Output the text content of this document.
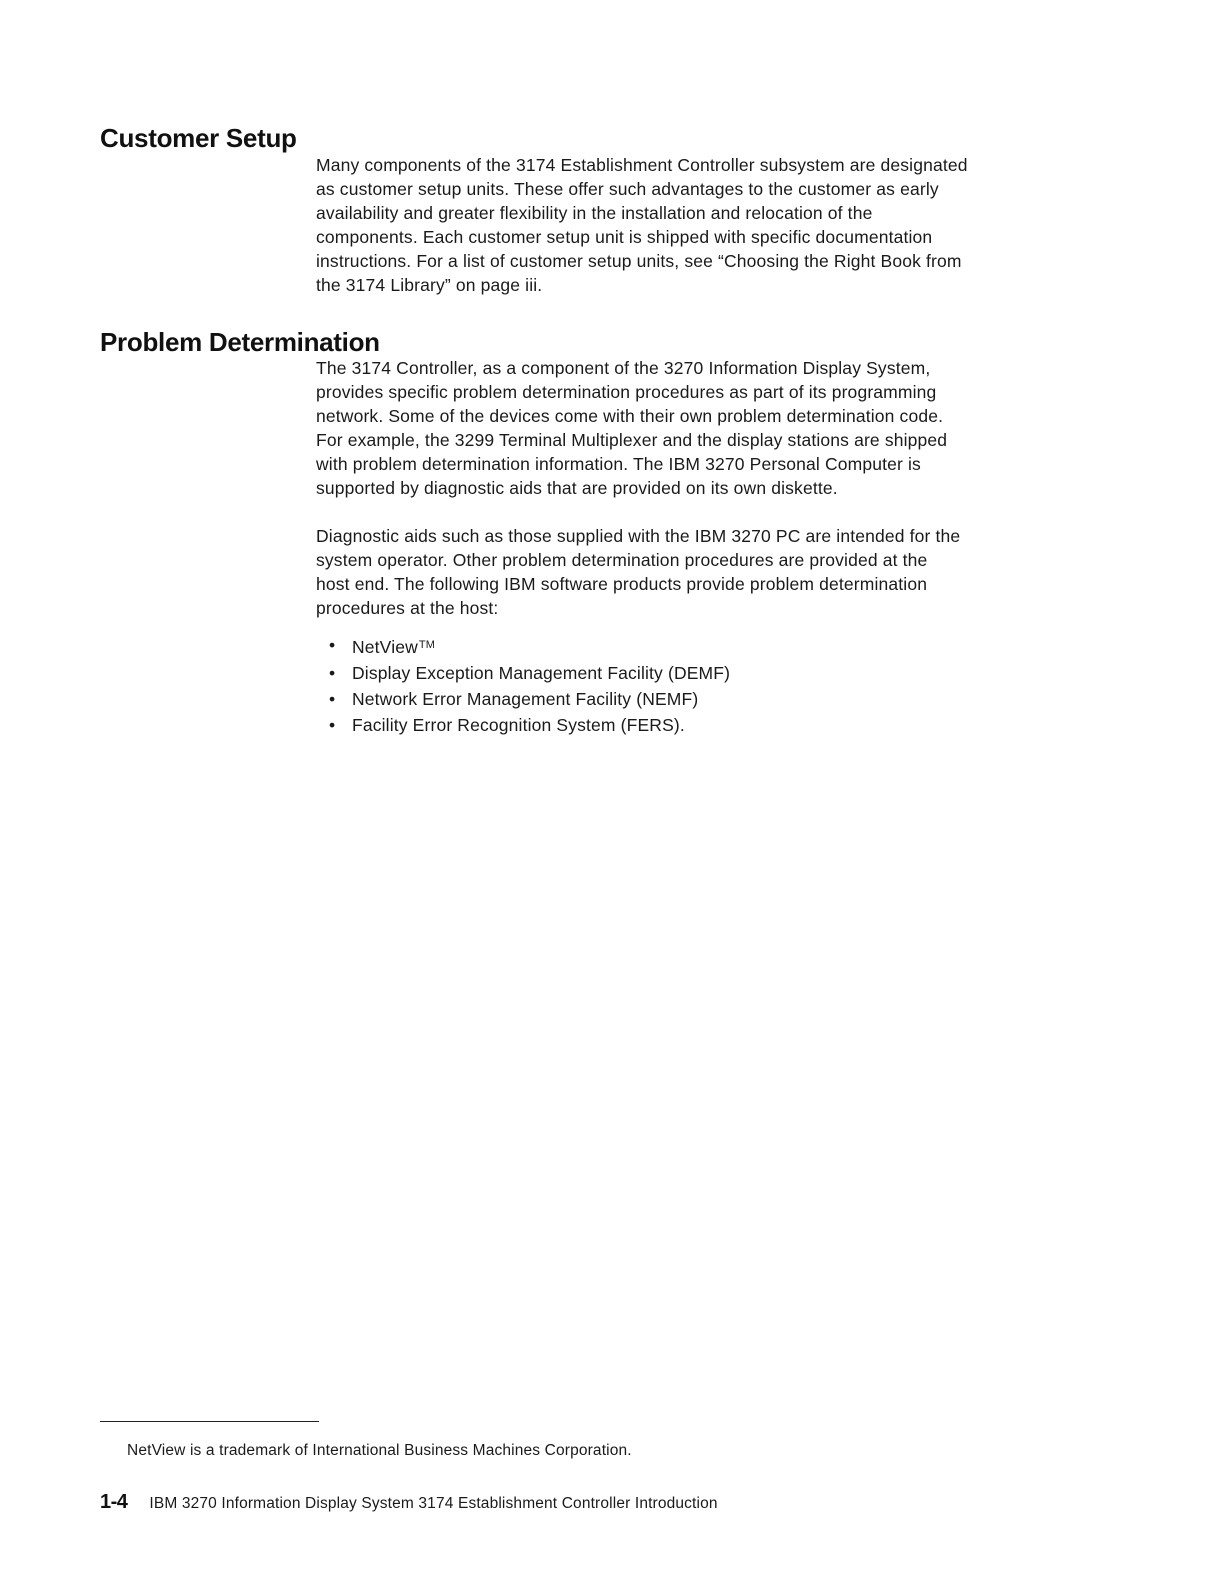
Customer Setup

Many components of the 3174 Establishment Controller subsystem are designated
as customer setup units. These offer such advantages to the customer as early
availability and greater flexibility in the installation and relocation of the
components. Each customer setup unit is shipped with specific documentation
instructions. For a list of customer setup units, see “Choosing the Right Book from
the 3174 Library” on page iii.

Problem Determination

The 3174 Controller, as a component of the 3270 Information Display System,
provides specific problem determination procedures as part of its programming
network. Some of the devices come with their own problem determination code.
For example, the 3299 Terminal Multiplexer and the display stations are shipped
with problem determination information. The IBM 3270 Personal Computer is
supported by diagnostic aids that are provided on its own diskette.

Diagnostic aids such as those supplied with the IBM 3270 PC are intended for the
system operator. Other problem determination procedures are provided at the
host end. The following IBM software products provide problem determination
procedures at the host:

• NetView™
• Display Exception Management Facility (DEMF)
• Network Error Management Facility (NEMF)
• Facility Error Recognition System (FERS).

NetView is a trademark of International Business Machines Corporation.

1-4 IBM 3270 Information Display System 3174 Establishment Controller Introduction
